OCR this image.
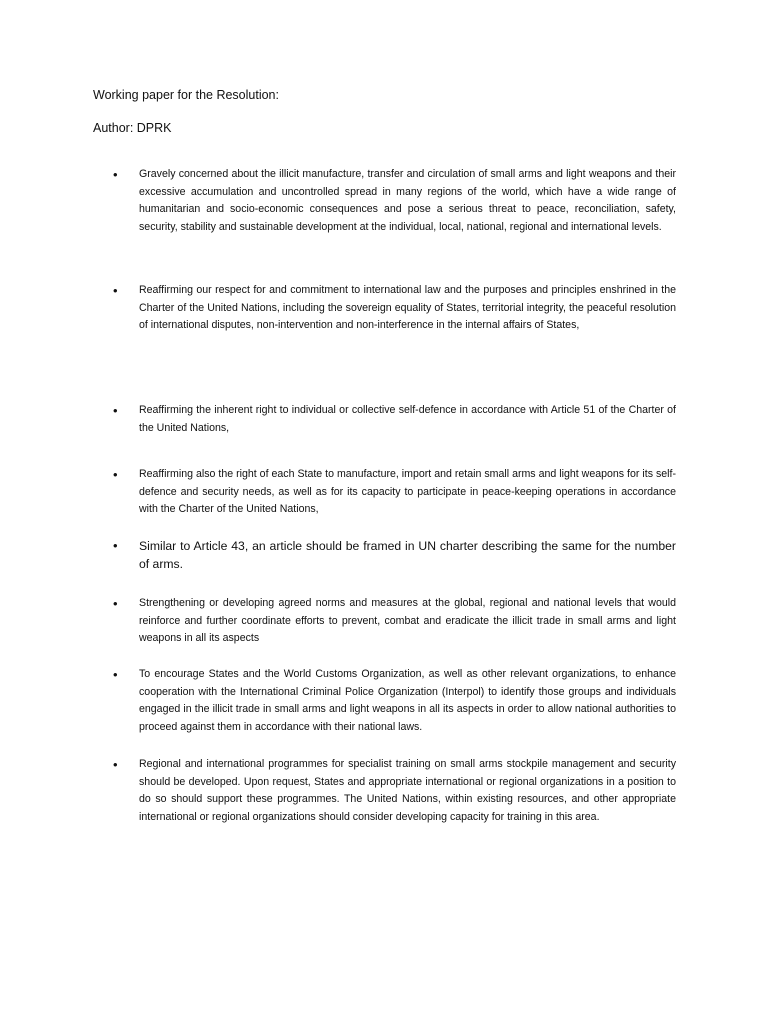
Working paper for the Resolution:

Author: DPRK

• Gravely concerned about the illicit manufacture, transfer and circulation of small arms and light weapons and their excessive accumulation and uncontrolled spread in many regions of the world, which have a wide range of humanitarian and socio-economic consequences and pose a serious threat to peace, reconciliation, safety, security, stability and sustainable development at the individual, local, national, regional and international levels.

• Reaffirming our respect for and commitment to international law and the purposes and principles enshrined in the Charter of the United Nations, including the sovereign equality of States, territorial integrity, the peaceful resolution of international disputes, non-intervention and non-interference in the internal affairs of States,

• Reaffirming the inherent right to individual or collective self-defence in accordance with Article 51 of the Charter of the United Nations,

• Reaffirming also the right of each State to manufacture, import and retain small arms and light weapons for its self-defence and security needs, as well as for its capacity to participate in peace-keeping operations in accordance with the Charter of the United Nations,

• Similar to Article 43, an article should be framed in UN charter describing the same for the number of arms.

• Strengthening or developing agreed norms and measures at the global, regional and national levels that would reinforce and further coordinate efforts to prevent, combat and eradicate the illicit trade in small arms and light weapons in all its aspects

• To encourage States and the World Customs Organization, as well as other relevant organizations, to enhance cooperation with the International Criminal Police Organization (Interpol) to identify those groups and individuals engaged in the illicit trade in small arms and light weapons in all its aspects in order to allow national authorities to proceed against them in accordance with their national laws.

• Regional and international programmes for specialist training on small arms stockpile management and security should be developed. Upon request, States and appropriate international or regional organizations in a position to do so should support these programmes. The United Nations, within existing resources, and other appropriate international or regional organizations should consider developing capacity for training in this area.
